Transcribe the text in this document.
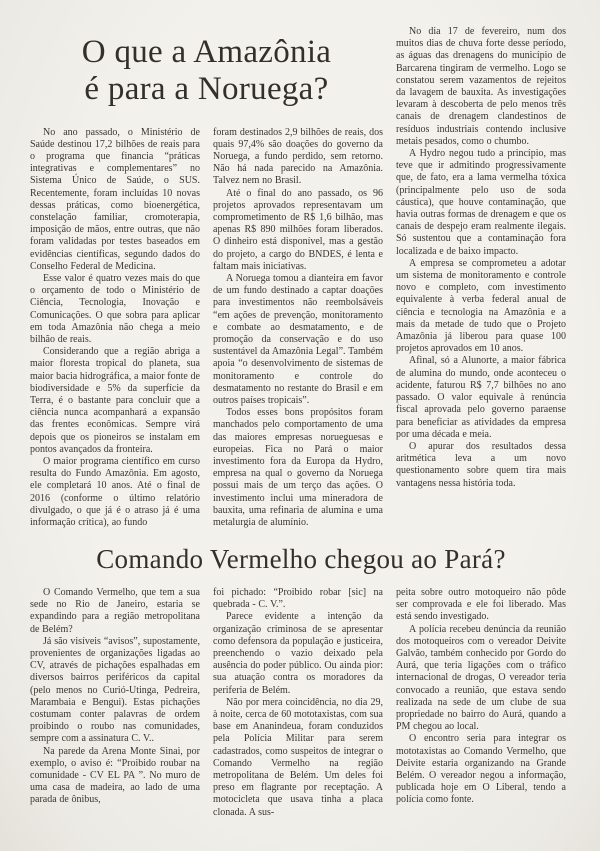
O que a Amazônia
é para a Noruega?

No ano passado, o Ministério de Saúde destinou 17,2 bilhões de reais para o programa que financia “práticas integrativas e complementares” no Sistema Único de Saúde, o SUS. Recentemente, foram incluídas 10 novas dessas práticas, como bioenergética, constelação familiar, cromoterapia, imposição de mãos, entre outras, que não foram validadas por testes baseados em evidências científicas, segundo dados do Conselho Federal de Medicina.

Esse valor é quatro vezes mais do que o orçamento de todo o Ministério de Ciência, Tecnologia, Inovação e Comunicações. O que sobra para aplicar em toda Amazônia não chega a meio bilhão de reais.

Considerando que a região abriga a maior floresta tropical do planeta, sua maior bacia hidrográfica, a maior fonte de biodiversidade e 5% da superfície da Terra, é o bastante para concluir que a ciência nunca acompanhará a expansão das frentes econômicas. Sempre virá depois que os pioneiros se instalam em pontos avançados da fronteira.

O maior programa científico em curso resulta do Fundo Amazônia. Em agosto, ele completará 10 anos. Até o final de 2016 (conforme o último relatório divulgado, o que já é o atraso já é uma informação crítica), ao fundo

foram destinados 2,9 bilhões de reais, dos quais 97,4% são doações do governo da Noruega, a fundo perdido, sem retorno. Não há nada parecido na Amazônia. Talvez nem no Brasil.

Até o final do ano passado, os 96 projetos aprovados representavam um comprometimento de R$ 1,6 bilhão, mas apenas R$ 890 milhões foram liberados. O dinheiro está disponível, mas a gestão do projeto, a cargo do BNDES, é lenta e faltam mais iniciativas.

A Noruega tomou a dianteira em favor de um fundo destinado a captar doações para investimentos não reembolsáveis “em ações de prevenção, monitoramento e combate ao desmatamento, e de promoção da conservação e do uso sustentável da Amazônia Legal”. Também apoia “o desenvolvimento de sistemas de monitoramento e controle do desmatamento no restante do Brasil e em outros países tropicais”.

Todos esses bons propósitos foram manchados pelo comportamento de uma das maiores empresas norueguesas e europeias. Fica no Pará o maior investimento fora da Europa da Hydro, empresa na qual o governo da Noruega possui mais de um terço das ações. O investimento inclui uma mineradora de bauxita, uma refinaria de alumina e uma metalurgia de alumínio.

No dia 17 de fevereiro, num dos muitos dias de chuva forte desse período, as águas das drenagens do município de Barcarena tingiram de vermelho. Logo se constatou serem vazamentos de rejeitos da lavagem de bauxita. As investigações levaram à descoberta de pelo menos três canais de drenagem clandestinos de resíduos industriais contendo inclusive metais pesados, como o chumbo.

A Hydro negou tudo a princípio, mas teve que ir admitindo progressivamente que, de fato, era a lama vermelha tóxica (principalmente pelo uso de soda cáustica), que houve contaminação, que havia outras formas de drenagem e que os canais de despejo eram realmente ilegais. Só sustentou que a contaminação fora localizada e de baixo impacto.

A empresa se comprometeu a adotar um sistema de monitoramento e controle novo e completo, com investimento equivalente à verba federal anual de ciência e tecnologia na Amazônia e a mais da metade de tudo que o Projeto Amazônia já liberou para quase 100 projetos aprovados em 10 anos.

Afinal, só a Alunorte, a maior fábrica de alumina do mundo, onde aconteceu o acidente, faturou R$ 7,7 bilhões no ano passado. O valor equivale à renúncia fiscal aprovada pelo governo paraense para beneficiar as atividades da empresa por uma década e meia.

O apurar dos resultados dessa aritmética leva a um novo questionamento sobre quem tira mais vantagens nessa história toda.

Comando Vermelho chegou ao Pará?

O Comando Vermelho, que tem a sua sede no Rio de Janeiro, estaria se expandindo para a região metropolitana de Belém?

Já são visíveis “avisos”, supostamente, provenientes de organizações ligadas ao CV, através de pichações espalhadas em diversos bairros periféricos da capital (pelo menos no Curió-Utinga, Pedreira, Marambaia e Bengui). Estas pichações costumam conter palavras de ordem proibindo o roubo nas comunidades, sempre com a assinatura C. V..

Na parede da Arena Monte Sinai, por exemplo, o aviso é: “Proibido roubar na comunidade - CV EL PA ”. No muro de uma casa de madeira, ao lado de uma parada de ônibus,

foi pichado: “Proibido robar [sic] na quebrada - C. V.”.

Parece evidente a intenção da organização criminosa de se apresentar como defensora da população e justiceira, preenchendo o vazio deixado pela ausência do poder público. Ou ainda pior: sua atuação contra os moradores da periferia de Belém.

Não por mera coincidência, no dia 29, à noite, cerca de 60 mototaxistas, com sua base em Ananindeua, foram conduzidos pela Polícia Militar para serem cadastrados, como suspeitos de integrar o Comando Vermelho na região metropolitana de Belém. Um deles foi preso em flagrante por receptação. A motocicleta que usava tinha a placa clonada. A sus-

peita sobre outro motoqueiro não pôde ser comprovada e ele foi liberado. Mas está sendo investigado.

A polícia recebeu denúncia da reunião dos motoqueiros com o vereador Deivite Galvão, também conhecido por Gordo do Aurá, que teria ligações com o tráfico internacional de drogas, O vereador teria convocado a reunião, que estava sendo realizada na sede de um clube de sua propriedade no bairro do Aurá, quando a PM chegou ao local.

O encontro seria para integrar os mototaxistas ao Comando Vermelho, que Deivite estaria organizando na Grande Belém. O vereador negou a informação, publicada hoje em O Liberal, tendo a polícia como fonte.
